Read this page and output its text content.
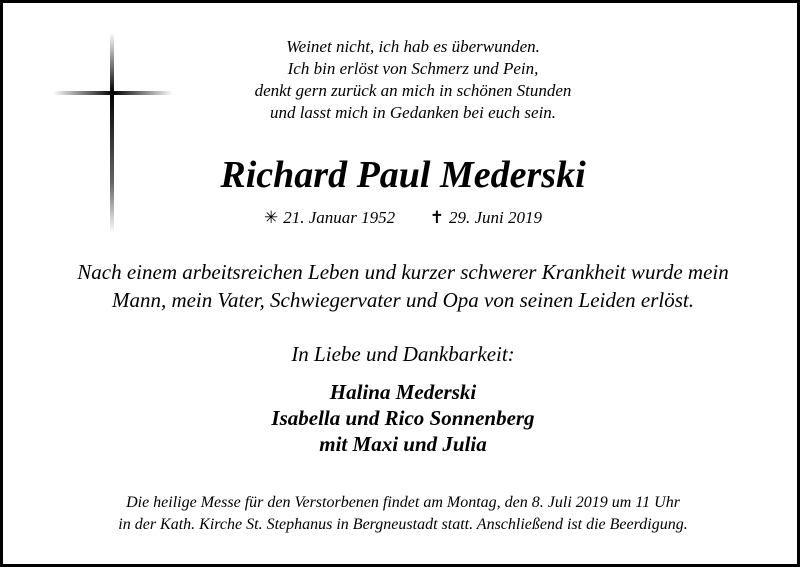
Weinet nicht, ich hab es überwunden.
Ich bin erlöst von Schmerz und Pein,
denkt gern zurück an mich in schönen Stunden
und lasst mich in Gedanken bei euch sein.
Richard Paul Mederski
✳ 21. Januar 1952 ✝ 29. Juni 2019
Nach einem arbeitsreichen Leben und kurzer schwerer Krankheit wurde mein
Mann, mein Vater, Schwiegervater und Opa von seinen Leiden erlöst.
In Liebe und Dankbarkeit:
Halina Mederski
Isabella und Rico Sonnenberg
mit Maxi und Julia
Die heilige Messe für den Verstorbenen findet am Montag, den 8. Juli 2019 um 11 Uhr
in der Kath. Kirche St. Stephanus in Bergneustadt statt. Anschließend ist die Beerdigung.
